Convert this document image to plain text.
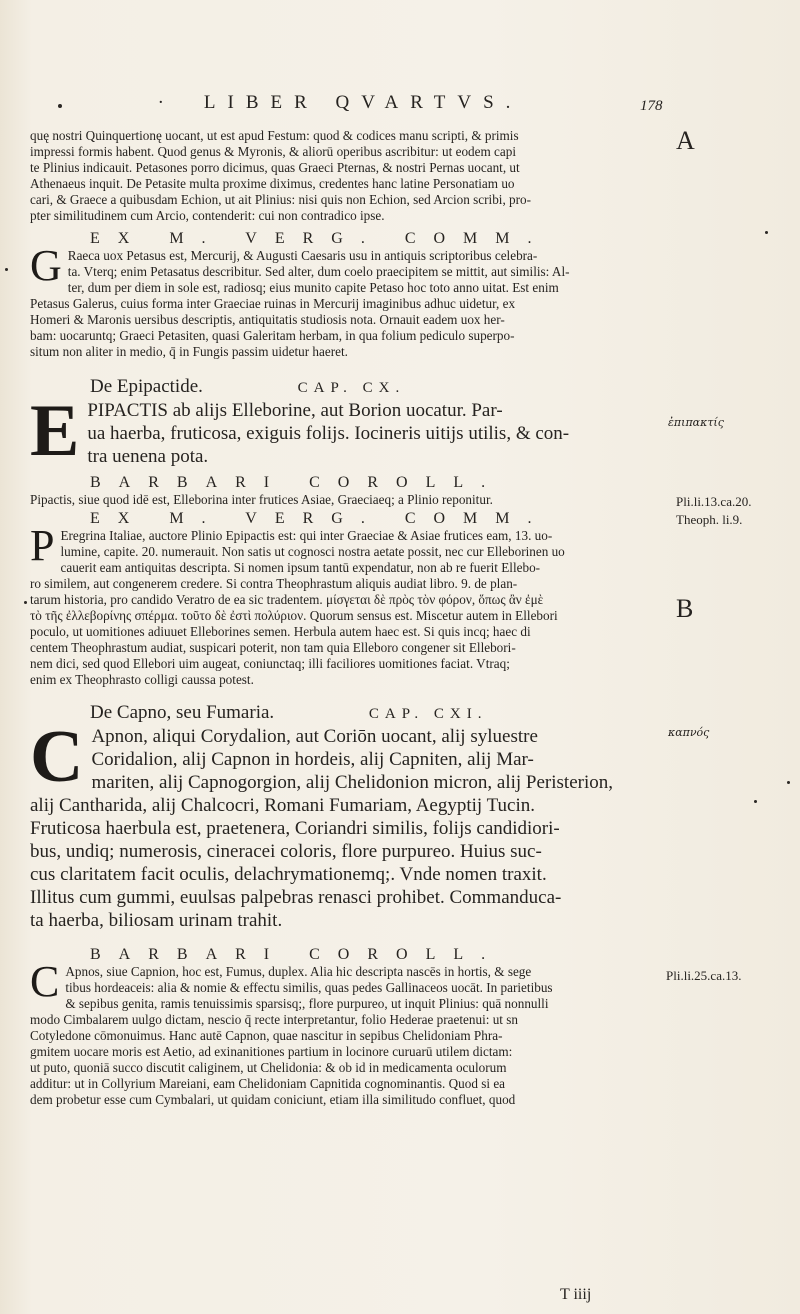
· LIBER QVARTVS.	178

quę nostri Quinquertionę uocant, ut est apud Festum: quod & codices manu scripti, & primis

impressi formis habent. Quod genus & Myronis, & aliorū operibus ascribitur: ut eodem capi

te Plinius indicauit. Petasones porro dicimus, quas Graeci Pternas, & nostri Pernas uocant, ut

Athenaeus inquit. De Petasite multa proxime diximus, credentes hanc latine Personatiam uo

cari, & Graece a quibusdam Echion, ut ait Plinius: nisi quis non Echion, sed Arcion scribi, pro-

pter similitudinem cum Arcio, contenderit: cui non contradico ipse.

EX M. VERG. COMM.
G Raeca uox Petasus est, Mercurij, & Augusti Caesaris usu in antiquis scriptoribus celebra-

ta. Vterq; enim Petasatus describitur. Sed alter, dum coelo praecipitem se mittit, aut similis: Al-

ter, dum per diem in sole est, radiosq; eius munito capite Petaso hoc toto anno uitat. Est enim

Petasus Galerus, cuius forma inter Graeciae ruinas in Mercurij imaginibus adhuc uidetur, ex

Homeri & Maronis uersibus descriptis, antiquitatis studiosis nota. Ornauit eadem uox her-

bam: uocaruntq; Graeci Petasiten, quasi Galeritam herbam, in qua folium pediculo superpo-

situm non aliter in medio, q̄ in Fungis passim uidetur haeret.

De Epipactide.	CAP. CX.
E PIPACTIS ab alijs Elleborine, aut Borion uocatur. Par-

ua haerba, fruticosa, exiguis folijs. Iocineris uitijs utilis, & con-

tra uenena pota.

BARBARI COROLL.

Pipactis, siue quod idē est, Elleborina inter frutices Asiae, Graeciaeq; a Plinio reponitur.

EX M. VERG. COMM.
P Eregrina Italiae, auctore Plinio Epipactis est: qui inter Graeciae & Asiae frutices eam, 13. uo-

lumine, capite. 20. numerauit. Non satis ut cognosci nostra aetate possit, nec cur Elleborinen uo

cauerit eam antiquitas descripta. Si nomen ipsum tantū expendatur, non ab re fuerit Ellebo-

ro similem, aut congenerem credere. Si contra Theophrastum aliquis audiat libro. 9. de plan-

tarum historia, pro candido Veratro de ea sic tradentem. μίσγεται δὲ πρὸς τὸν φόρον, ὅπως ἂν ἐμὲ

τὸ τῆς ἐλλεβορίνης σπέρμα. τοῦτο δὲ ἐστὶ πολύριον. Quorum sensus est. Miscetur autem in Ellebori

poculo, ut uomitiones adiuuet Elleborines semen. Herbula autem haec est. Si quis incq; haec di

centem Theophrastum audiat, suspicari poterit, non tam quia Elleboro congener sit Ellebori-

nem dici, sed quod Ellebori uim augeat, coniunctaq; illi faciliores uomitiones faciat. Vtraq;

enim ex Theophrasto colligi caussa potest.

De Capno, seu Fumaria.	CAP. CXI.
C Apnon, aliqui Corydalion, aut Coriōn uocant, alij syluestre

Coridalion, alij Capnon in hordeis, alij Capniten, alij Mar-

mariten, alij Capnogorgion, alij Chelidonion micron, alij Peristerion,

alij Cantharida, alij Chalcocri, Romani Fumariam, Aegyptij Tucin.

Fruticosa haerbula est, praetenera, Coriandri similis, folijs candidiori-

bus, undiq; numerosis, cineracei coloris, flore purpureo. Huius suc-

cus claritatem facit oculis, delachrymationemq;. Vnde nomen traxit.

Illitus cum gummi, euulsas palpebras renasci prohibet. Commanduca-

ta haerba, biliosam urinam trahit.

BARBARI COROLL.
C Apnos, siue Capnion, hoc est, Fumus, duplex. Alia hic descripta nascēs in hortis, & sege

tibus hordeaceis: alia & nomie & effectu similis, quas pedes Gallinaceos uocāt. In parietibus

& sepibus genita, ramis tenuissimis sparsisq;, flore purpureo, ut inquit Plinius: quā nonnulli

modo Cimbalarem uulgo dictam, nescio q̄ recte interpretantur, folio Hederae praetenui: ut sn

Cotyledone cōmonuimus. Hanc autē Capnon, quae nascitur in sepibus Chelidoniam Phra-

gmitem uocare moris est Aetio, ad exinanitiones partium in locinore curuarū utilem dictam:

ut puto, quoniā succo discutit caliginem, ut Chelidonia: & ob id in medicamenta oculorum

additur: ut in Collyrium Mareiani, eam Chelidoniam Capnitida cognominantis. Quod si ea

dem probetur esse cum Cymbalari, ut quidam coniciunt, etiam illa similitudo confluet, quod

T iiij
A
ἐπιπακτίς
Pli.li.13.ca.20.
Theoph. li.9.
B
καπνός
Pli.li.25.ca.13.
